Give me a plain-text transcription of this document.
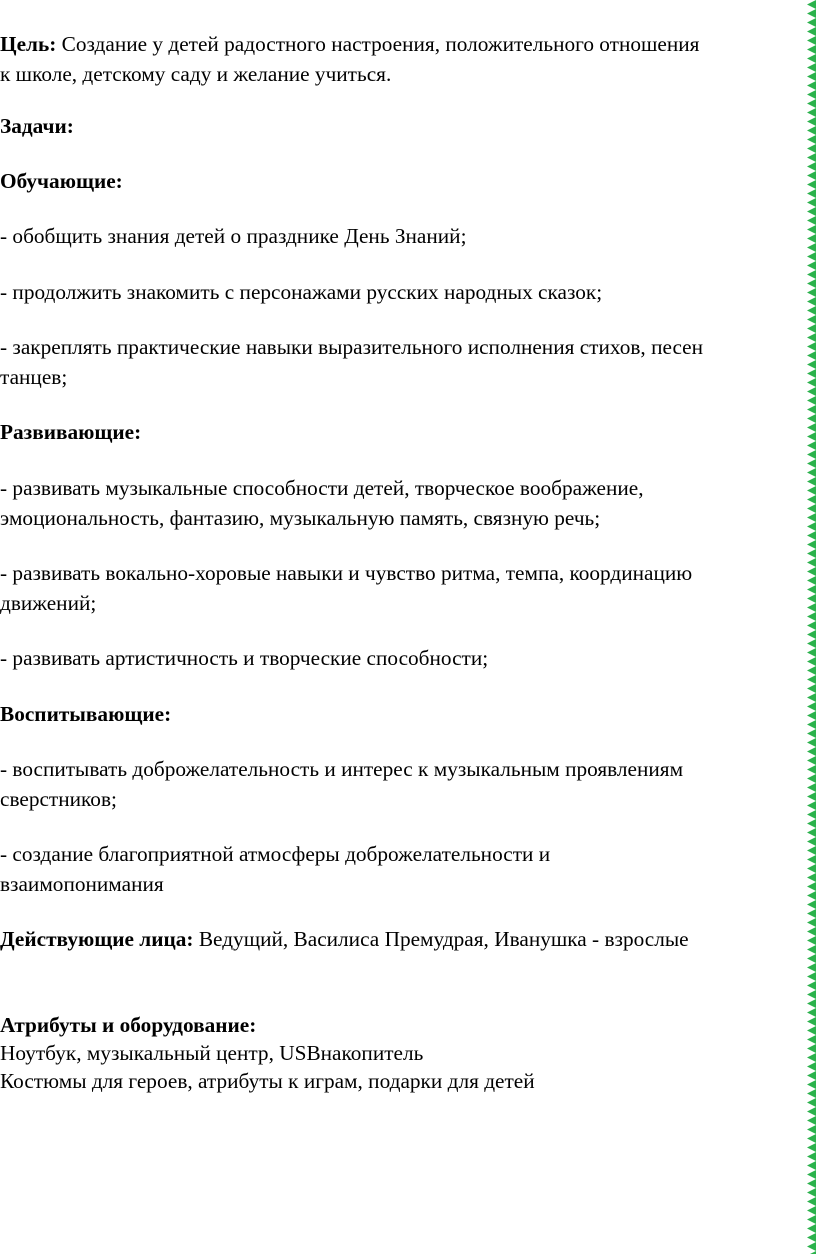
Цель: Создание у детей радостного настроения, положительного отношения
к школе, детскому саду и желание учиться.
Задачи:
Обучающие:
- обобщить знания детей о празднике День Знаний;
- продолжить знакомить с персонажами русских народных сказок;
- закреплять практические навыки выразительного исполнения стихов, песен
танцев;
Развивающие:
- развивать музыкальные способности детей, творческое воображение,
эмоциональность, фантазию, музыкальную память, связную речь;
- развивать вокально-хоровые навыки и чувство ритма, темпа, координацию
движений;
- развивать артистичность и творческие способности;
Воспитывающие:
- воспитывать доброжелательность и интерес к музыкальным проявлениям
сверстников;
- создание благоприятной атмосферы доброжелательности и
взаимопонимания
Действующие лица: Ведущий, Василиса Премудрая, Иванушка - взрослые
Атрибуты и оборудование:
Ноутбук, музыкальный центр, USBнакопитель
Костюмы для героев, атрибуты к играм, подарки для детей
